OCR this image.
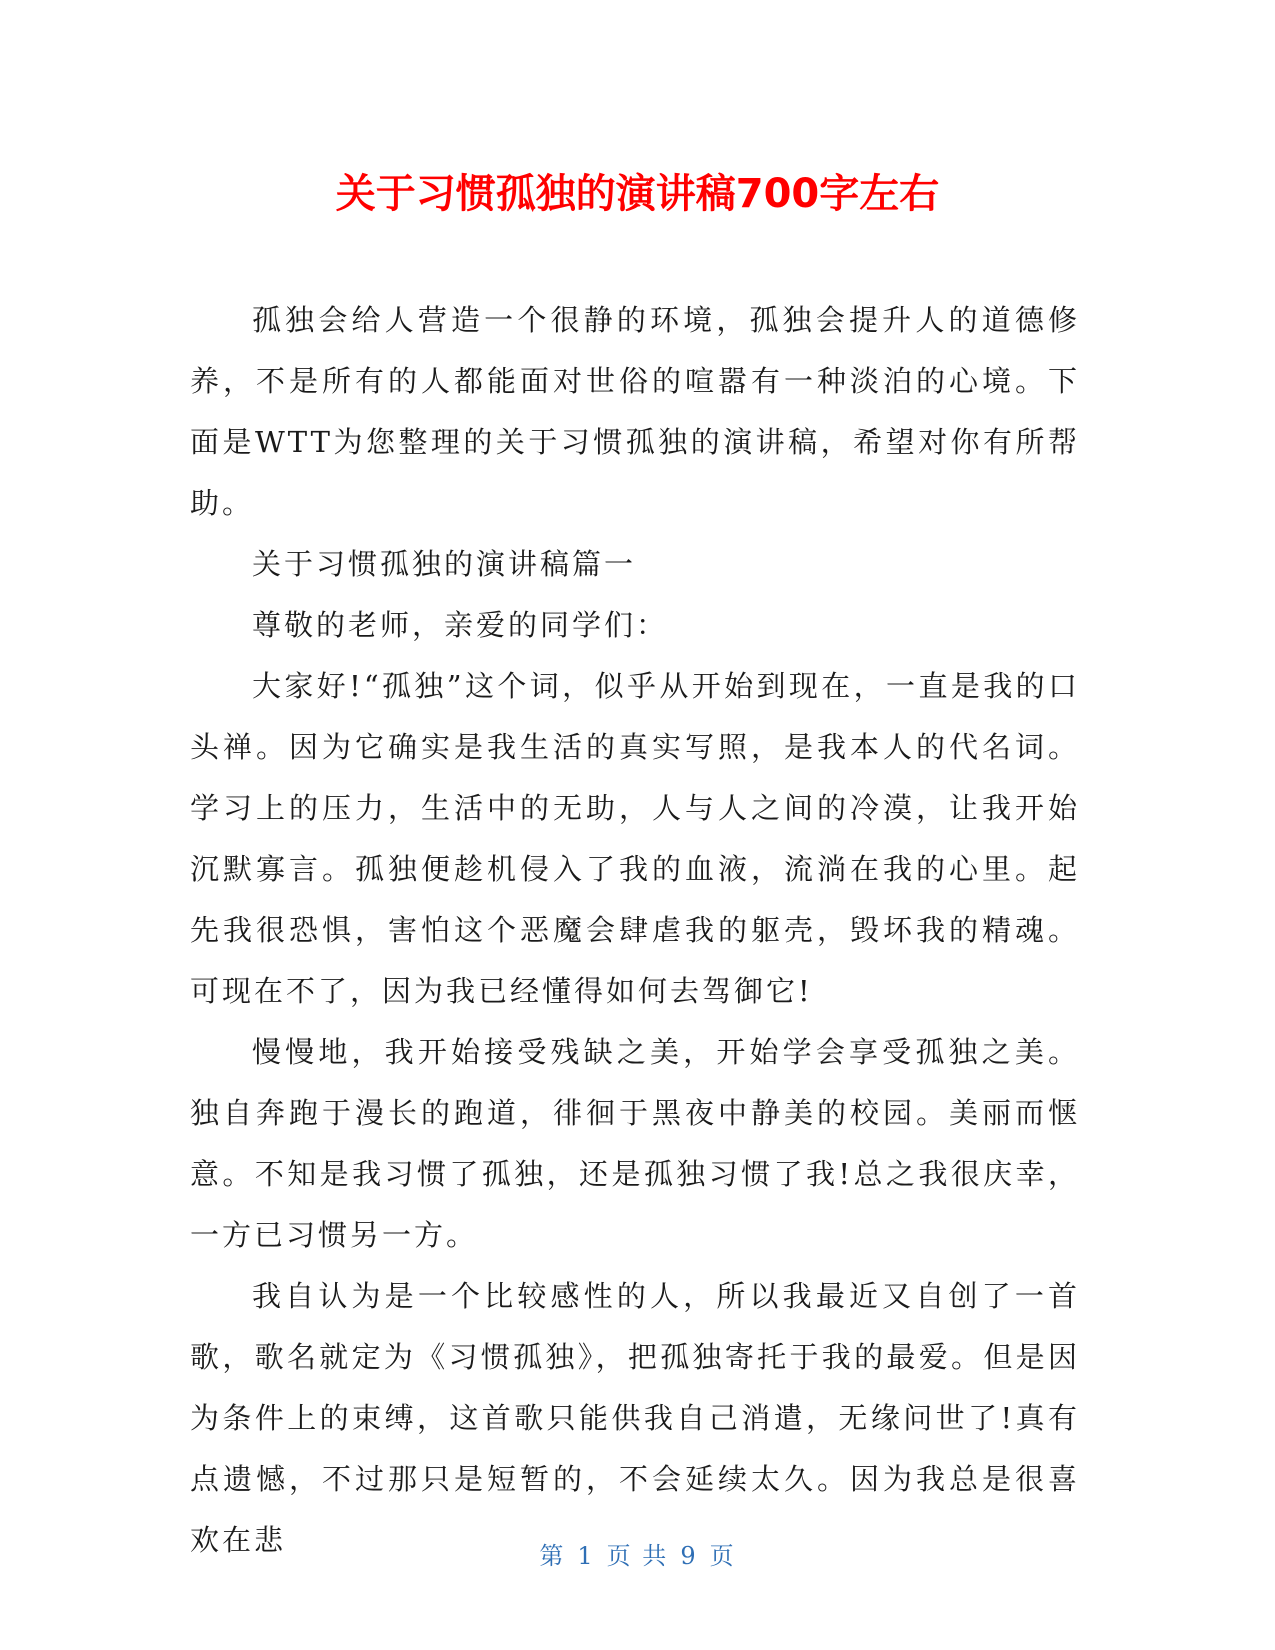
关于习惯孤独的演讲稿700字左右

孤独会给人营造一个很静的环境，孤独会提升人的道德修养，不是所有的人都能面对世俗的喧嚣有一种淡泊的心境。下面是WTT为您整理的关于习惯孤独的演讲稿，希望对你有所帮助。

关于习惯孤独的演讲稿篇一

尊敬的老师，亲爱的同学们：

大家好!“孤独”这个词，似乎从开始到现在，一直是我的口头禅。因为它确实是我生活的真实写照，是我本人的代名词。学习上的压力，生活中的无助，人与人之间的冷漠，让我开始沉默寡言。孤独便趁机侵入了我的血液，流淌在我的心里。起先我很恐惧，害怕这个恶魔会肆虐我的躯壳，毁坏我的精魂。可现在不了，因为我已经懂得如何去驾御它!

慢慢地，我开始接受残缺之美，开始学会享受孤独之美。独自奔跑于漫长的跑道，徘徊于黑夜中静美的校园。美丽而惬意。不知是我习惯了孤独，还是孤独习惯了我!总之我很庆幸，一方已习惯另一方。

我自认为是一个比较感性的人，所以我最近又自创了一首歌，歌名就定为《习惯孤独》，把孤独寄托于我的最爱。但是因为条件上的束缚，这首歌只能供我自己消遣，无缘问世了!真有点遗憾，不过那只是短暂的，不会延续太久。因为我总是很喜欢在悲	第 1 页 共 9 页
